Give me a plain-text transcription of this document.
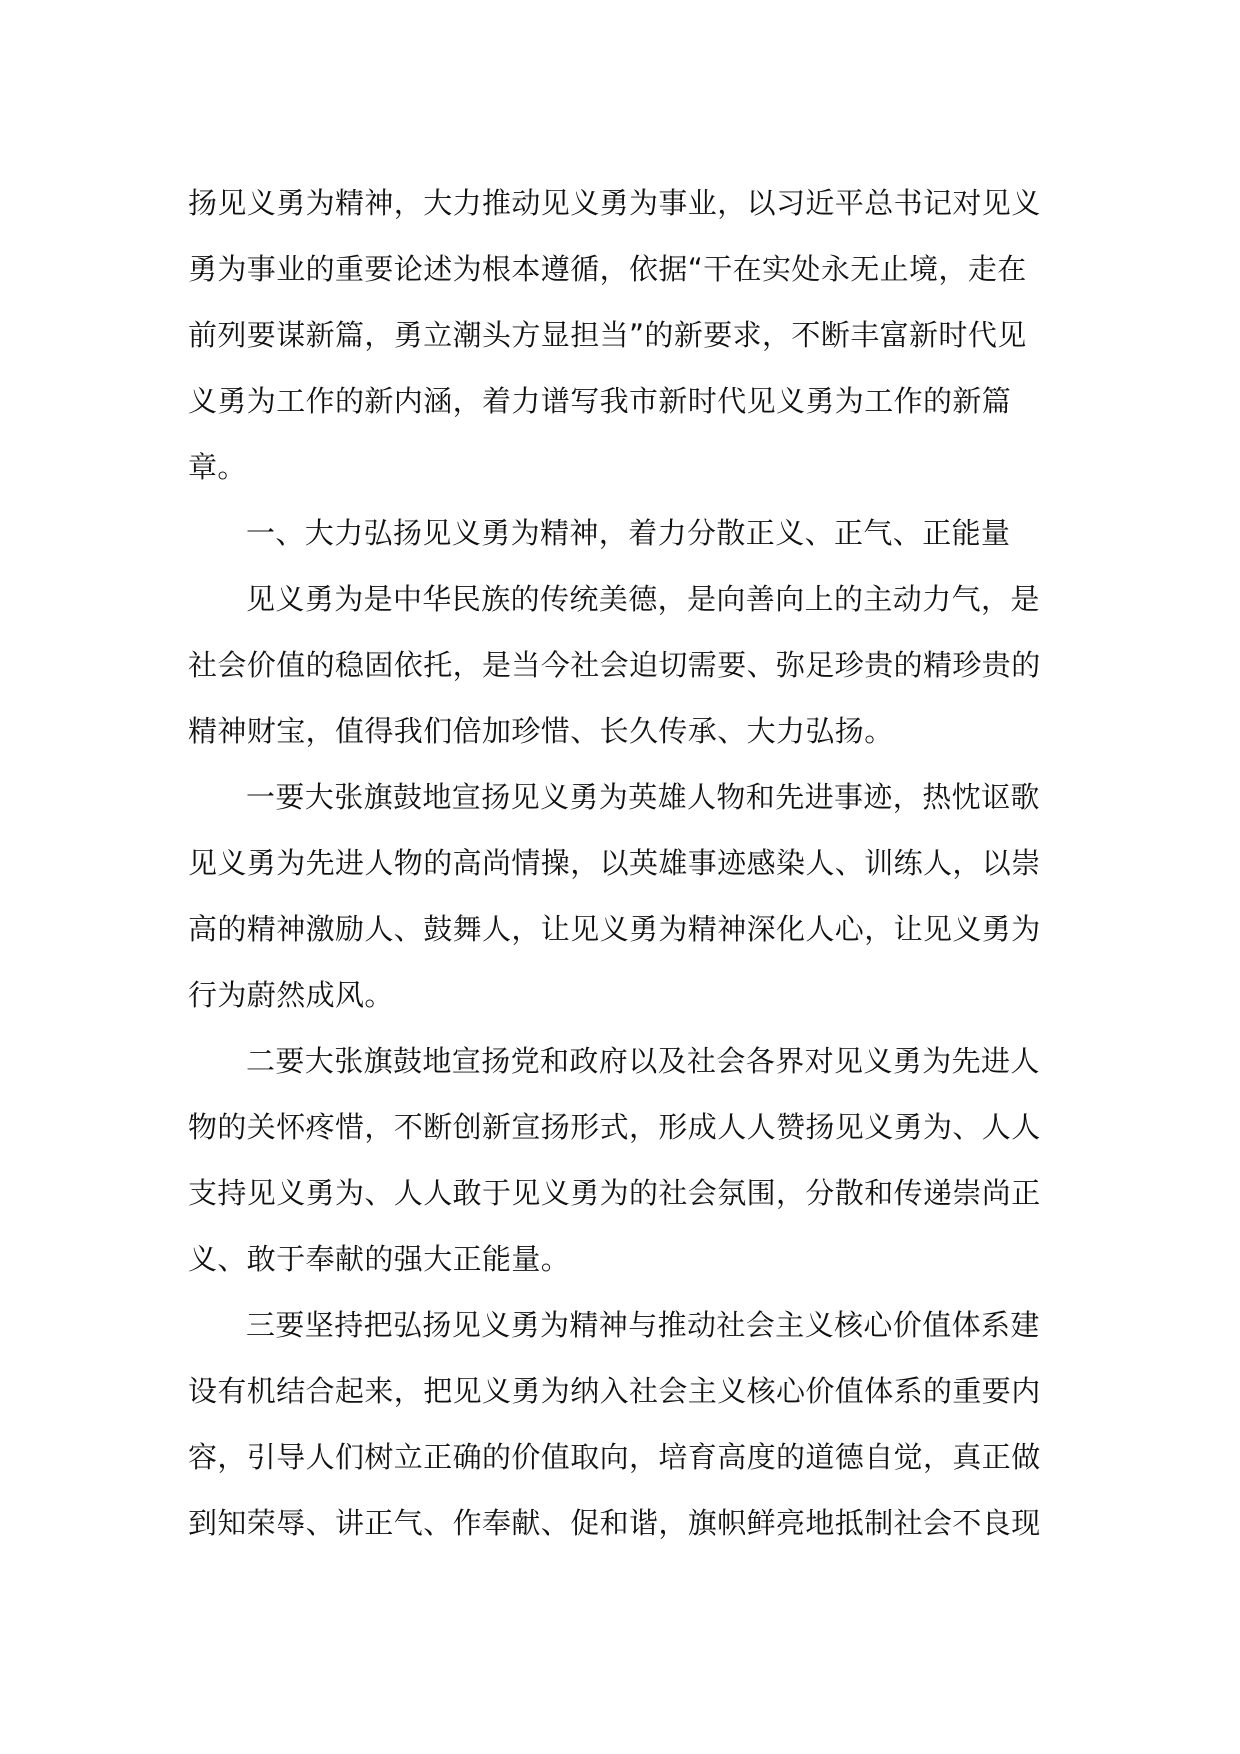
扬见义勇为精神，大力推动见义勇为事业，以习近平总书记对见义
勇为事业的重要论述为根本遵循，依据“干在实处永无止境，走在
前列要谋新篇，勇立潮头方显担当”的新要求，不断丰富新时代见
义勇为工作的新内涵，着力谱写我市新时代见义勇为工作的新篇
章。
一、大力弘扬见义勇为精神，着力分散正义、正气、正能量
见义勇为是中华民族的传统美德，是向善向上的主动力气，是
社会价值的稳固依托，是当今社会迫切需要、弥足珍贵的精珍贵的
精神财宝，值得我们倍加珍惜、长久传承、大力弘扬。
一要大张旗鼓地宣扬见义勇为英雄人物和先进事迹，热忱讴歌
见义勇为先进人物的高尚情操，以英雄事迹感染人、训练人，以崇
高的精神激励人、鼓舞人，让见义勇为精神深化人心，让见义勇为
行为蔚然成风。
二要大张旗鼓地宣扬党和政府以及社会各界对见义勇为先进人
物的关怀疼惜，不断创新宣扬形式，形成人人赞扬见义勇为、人人
支持见义勇为、人人敢于见义勇为的社会氛围，分散和传递崇尚正
义、敢于奉献的强大正能量。
三要坚持把弘扬见义勇为精神与推动社会主义核心价值体系建
设有机结合起来，把见义勇为纳入社会主义核心价值体系的重要内
容，引导人们树立正确的价值取向，培育高度的道德自觉，真正做
到知荣辱、讲正气、作奉献、促和谐，旗帜鲜亮地抵制社会不良现
